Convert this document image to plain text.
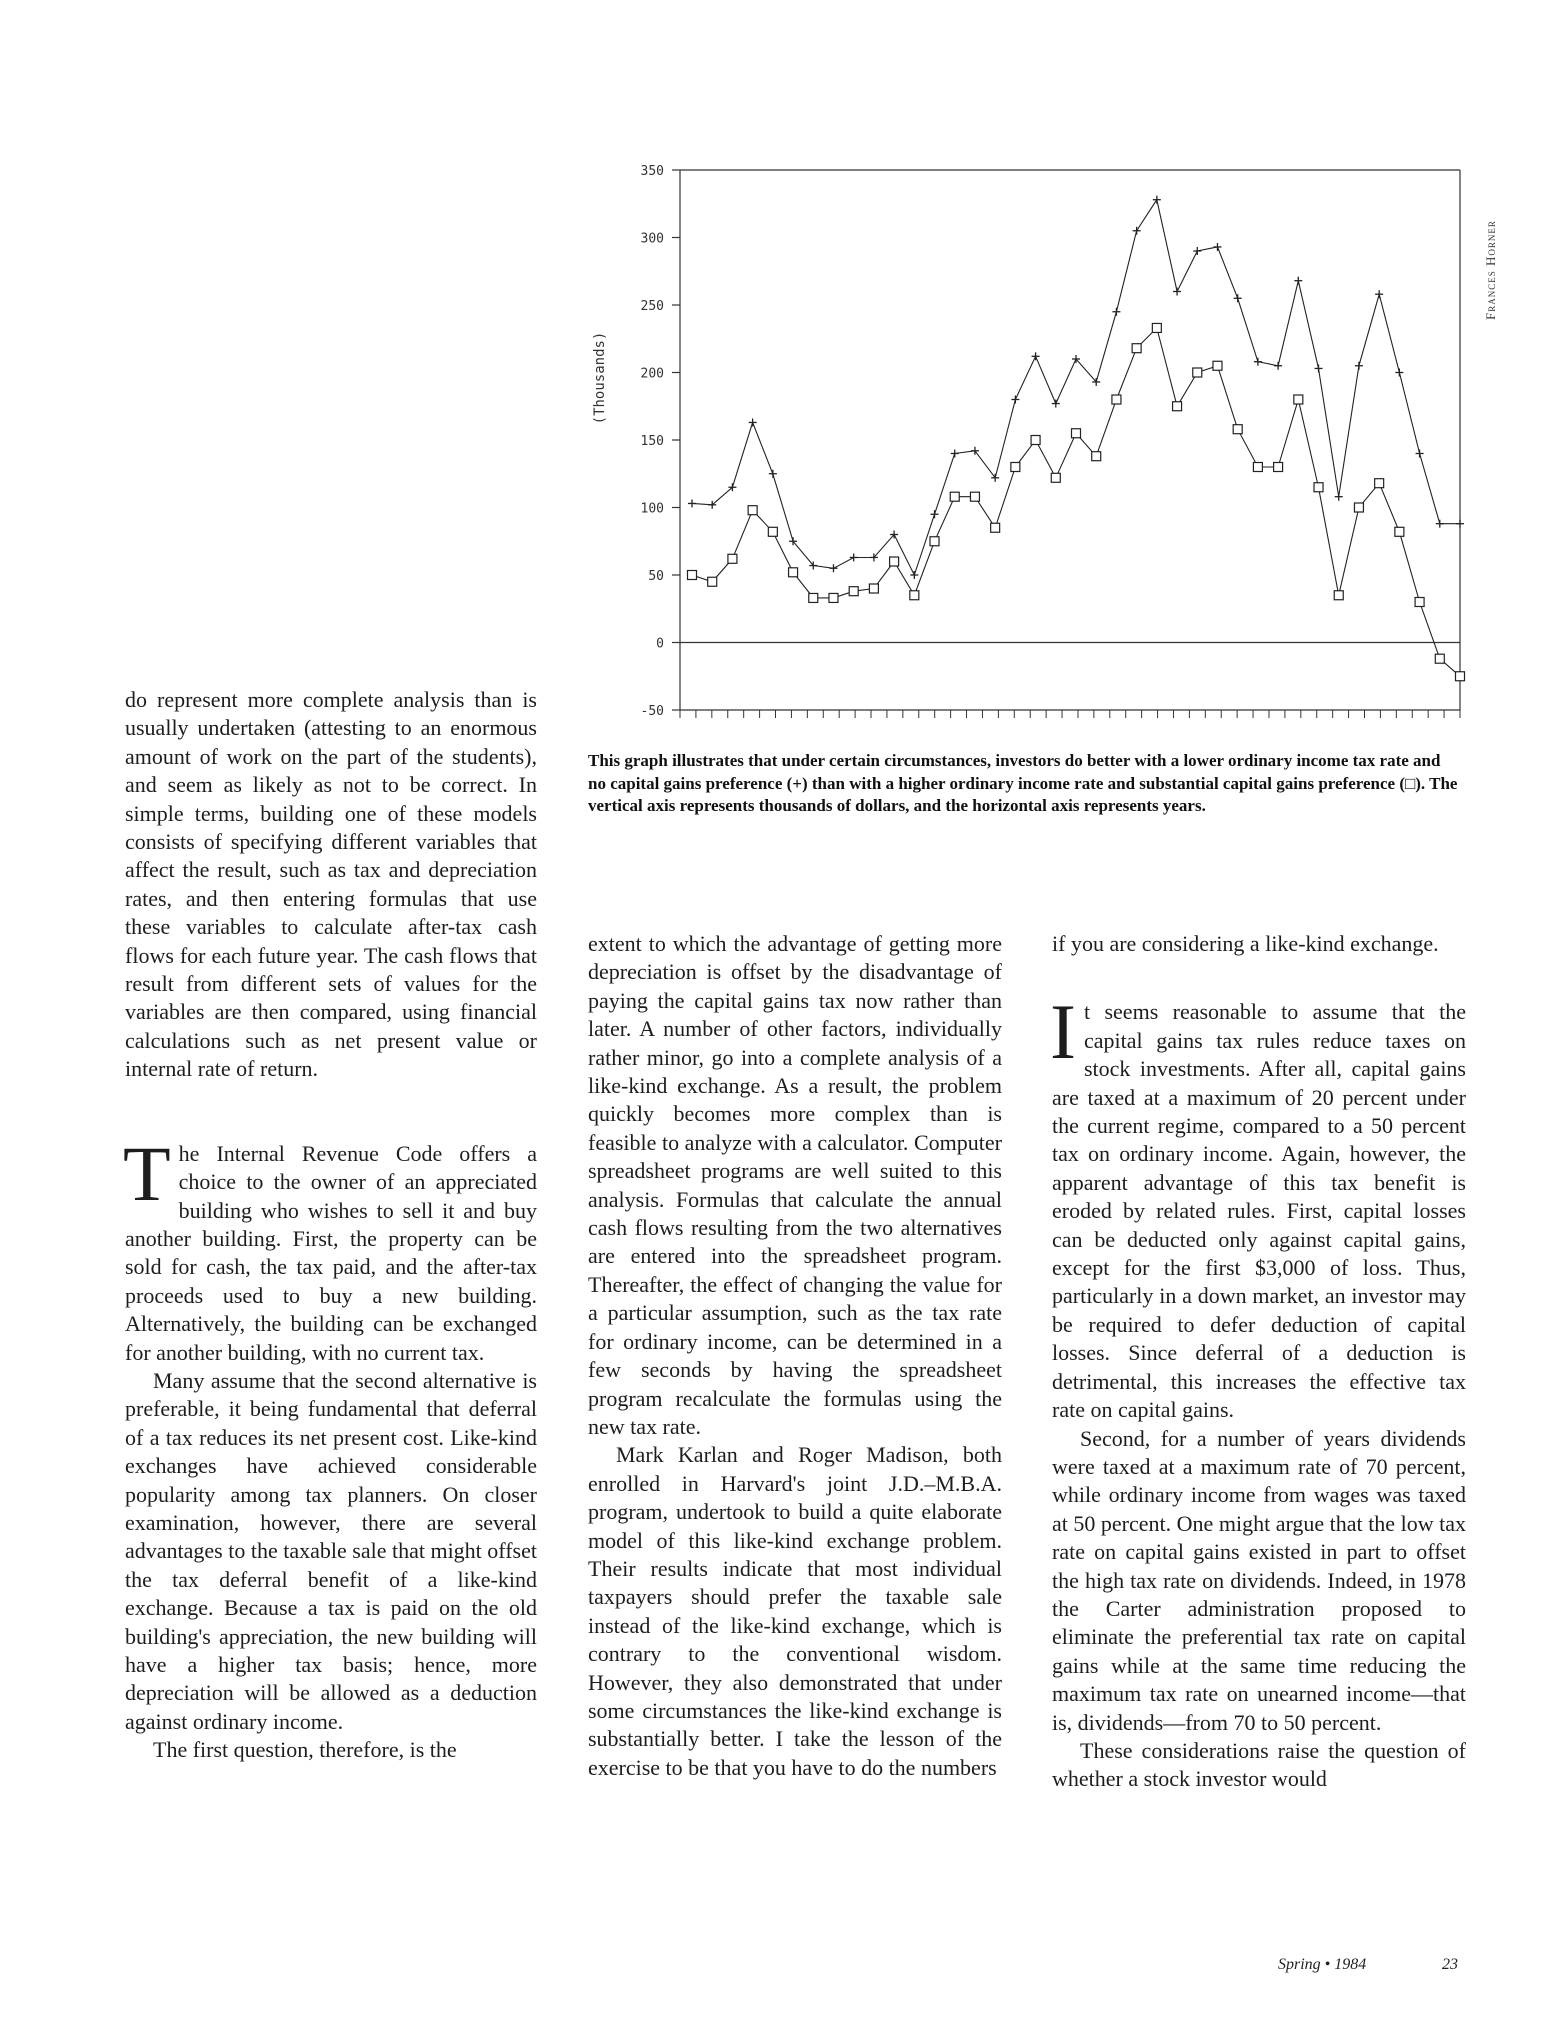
Frances Horner
(Thousands)
-50
0
50
100
150
200
250
300
350
This graph illustrates that under certain circumstances, investors do better with a lower ordinary income tax rate and no capital gains preference (+) than with a higher ordinary income rate and substantial capital gains preference (□). The vertical axis represents thousands of dollars, and the horizontal axis represents years.

do represent more complete analysis than is usually undertaken (attesting to an enormous amount of work on the part of the students), and seem as likely as not to be correct. In simple terms, building one of these models consists of specifying different variables that affect the result, such as tax and depreciation rates, and then entering formulas that use these variables to calculate after-tax cash flows for each future year. The cash flows that result from different sets of values for the variables are then compared, using financial calculations such as net present value or internal rate of return.

The Internal Revenue Code offers a choice to the owner of an appreciated building who wishes to sell it and buy another building. First, the property can be sold for cash, the tax paid, and the after-tax proceeds used to buy a new building. Alternatively, the building can be exchanged for another building, with no current tax.

Many assume that the second alternative is preferable, it being fundamental that deferral of a tax reduces its net present cost. Like-kind exchanges have achieved considerable popularity among tax planners. On closer examination, however, there are several advantages to the taxable sale that might offset the tax deferral benefit of a like-kind exchange. Because a tax is paid on the old building's appreciation, the new building will have a higher tax basis; hence, more depreciation will be allowed as a deduction against ordinary income.

The first question, therefore, is the

extent to which the advantage of getting more depreciation is offset by the disadvantage of paying the capital gains tax now rather than later. A number of other factors, individually rather minor, go into a complete analysis of a like-kind exchange. As a result, the problem quickly becomes more complex than is feasible to analyze with a calculator. Computer spreadsheet programs are well suited to this analysis. Formulas that calculate the annual cash flows resulting from the two alternatives are entered into the spreadsheet program. Thereafter, the effect of changing the value for a particular assumption, such as the tax rate for ordinary income, can be determined in a few seconds by having the spreadsheet program recalculate the formulas using the new tax rate.

Mark Karlan and Roger Madison, both enrolled in Harvard's joint J.D.–M.B.A. program, undertook to build a quite elaborate model of this like-kind exchange problem. Their results indicate that most individual taxpayers should prefer the taxable sale instead of the like-kind exchange, which is contrary to the conventional wisdom. However, they also demonstrated that under some circumstances the like-kind exchange is substantially better. I take the lesson of the exercise to be that you have to do the numbers

if you are considering a like-kind exchange.

It seems reasonable to assume that the capital gains tax rules reduce taxes on stock investments. After all, capital gains are taxed at a maximum of 20 percent under the current regime, compared to a 50 percent tax on ordinary income. Again, however, the apparent advantage of this tax benefit is eroded by related rules. First, capital losses can be deducted only against capital gains, except for the first $3,000 of loss. Thus, particularly in a down market, an investor may be required to defer deduction of capital losses. Since deferral of a deduction is detrimental, this increases the effective tax rate on capital gains.

Second, for a number of years dividends were taxed at a maximum rate of 70 percent, while ordinary income from wages was taxed at 50 percent. One might argue that the low tax rate on capital gains existed in part to offset the high tax rate on dividends. Indeed, in 1978 the Carter administration proposed to eliminate the preferential tax rate on capital gains while at the same time reducing the maximum tax rate on unearned income—that is, dividends—from 70 to 50 percent.

These considerations raise the question of whether a stock investor would

Spring • 1984	23
